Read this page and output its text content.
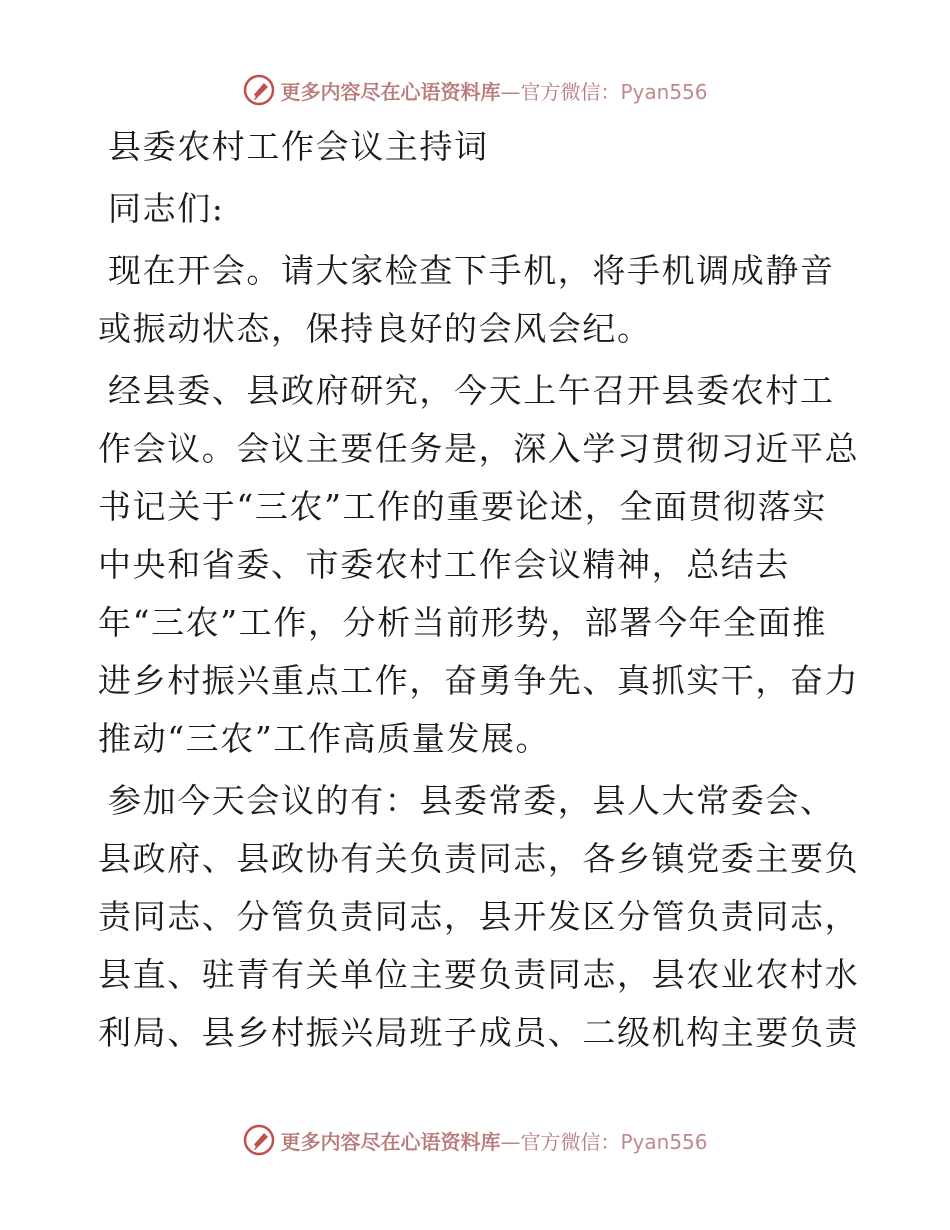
更多内容尽在心语资料库—官方微信：Pyan556
县委农村工作会议主持词
同志们:
现在开会。请大家检查下手机，将手机调成静音
或振动状态，保持良好的会风会纪。
经县委、县政府研究，今天上午召开县委农村工
作会议。会议主要任务是，深入学习贯彻习近平总
书记关于“三农”工作的重要论述，全面贯彻落实
中央和省委、市委农村工作会议精神，总结去
年“三农”工作，分析当前形势，部署今年全面推
进乡村振兴重点工作，奋勇争先、真抓实干，奋力
推动“三农”工作高质量发展。
参加今天会议的有：县委常委，县人大常委会、
县政府、县政协有关负责同志，各乡镇党委主要负
责同志、分管负责同志，县开发区分管负责同志，
县直、驻青有关单位主要负责同志，县农业农村水
利局、县乡村振兴局班子成员、二级机构主要负责
更多内容尽在心语资料库—官方微信：Pyan556
